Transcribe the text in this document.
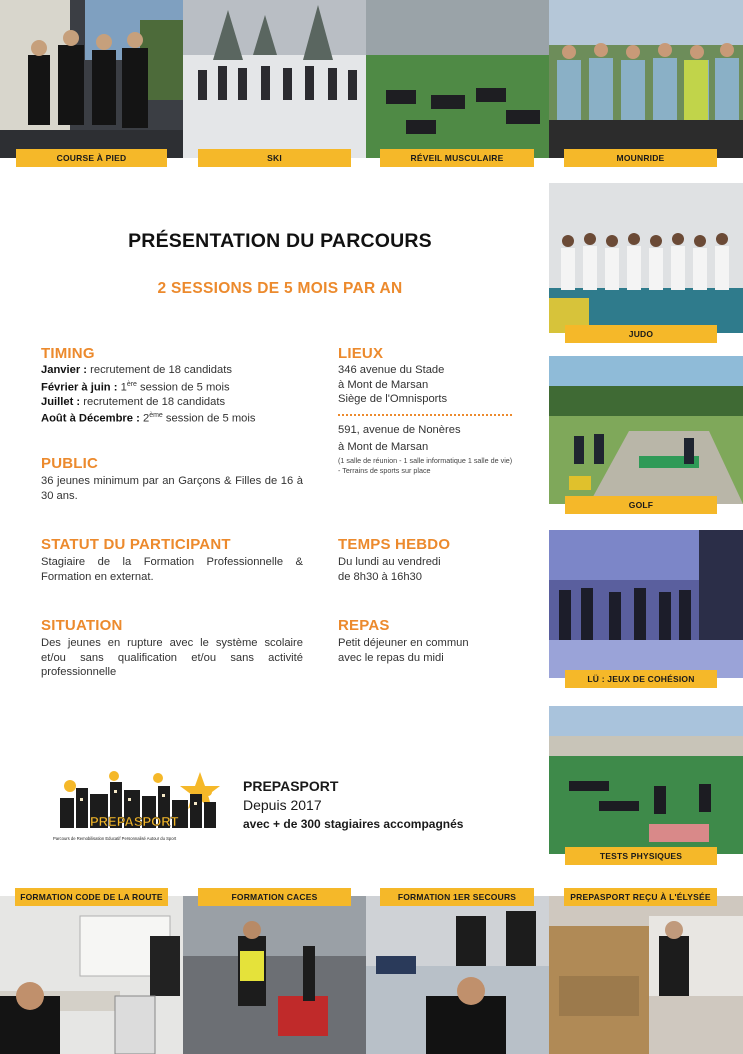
COURSE À PIED	SKI	RÉVEIL MUSCULAIRE	MOUNRIDE
JUDO
GOLF
LÜ : JEUX DE COHÉSION
TESTS PHYSIQUES
PRÉSENTATION DU PARCOURS
2 SESSIONS DE 5 MOIS PAR AN
TIMING
Janvier : recrutement de 18 candidats
Février à juin : 1ère session de 5 mois
Juillet : recrutement de 18 candidats
Août à Décembre : 2ème session de 5 mois
LIEUX
346 avenue du Stade
à Mont de Marsan
Siège de l'Omnisports
591, avenue de Nonères
à Mont de Marsan
(1 salle de réunion - 1 salle informatique 1 salle de vie) - Terrains de sports sur place
PUBLIC
36 jeunes minimum par an Garçons & Filles de 16 à 30 ans.
STATUT DU PARTICIPANT
Stagiaire de la Formation Professionnelle & Formation en externat.
TEMPS HEBDO
Du lundi au vendredi
de 8h30 à 16h30
SITUATION
Des jeunes en rupture avec le système scolaire et/ou sans qualification et/ou sans activité professionnelle
REPAS
Petit déjeuner en commun
avec le repas du midi
PREPASPORT
Parcours de Remobilisation Educatif Personnalisé Autour du Sport
PREPASPORT
Depuis 2017
avec + de 300 stagiaires accompagnés
FORMATION CODE DE LA ROUTE	FORMATION CACES	FORMATION 1ER SECOURS	PREPASPORT REÇU À L'ÉLYSÉE
